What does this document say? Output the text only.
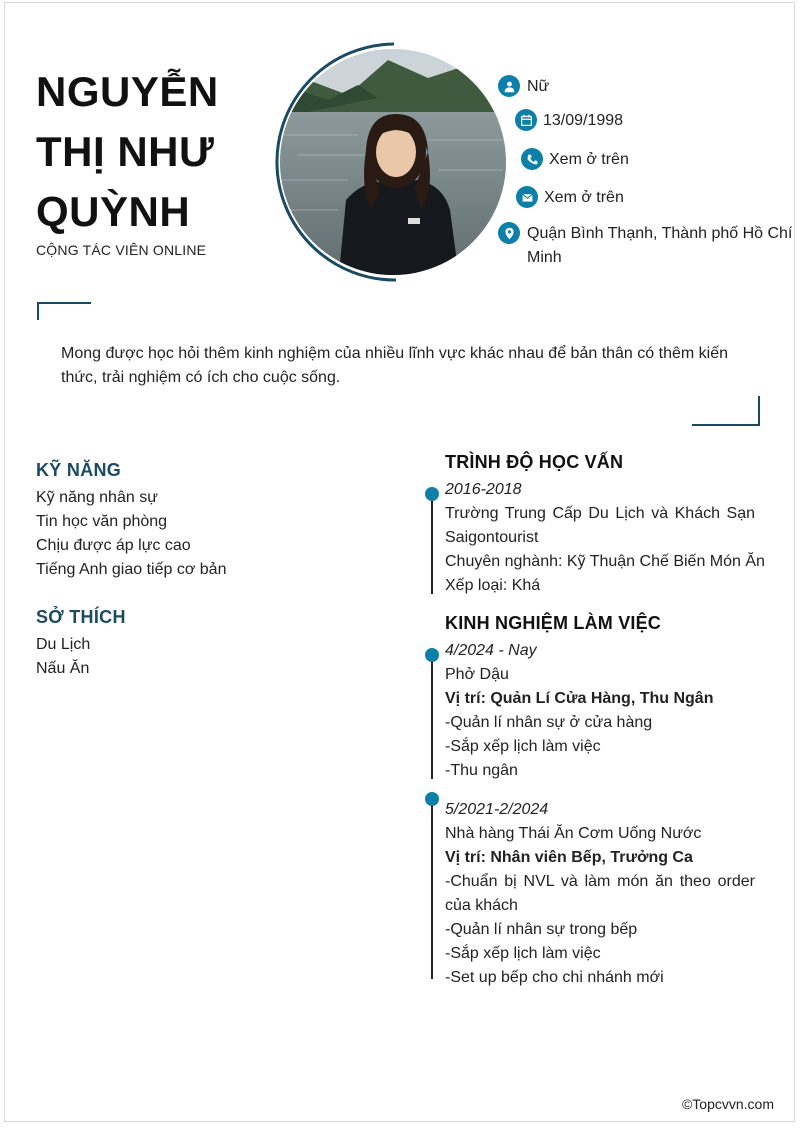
NGUYỄN
THỊ NHƯ
QUỲNH
CỘNG TÁC VIÊN ONLINE
Nữ
13/09/1998
Xem ở trên
Xem ở trên
Quận Bình Thạnh, Thành phố Hồ Chí
Minh
Mong được học hỏi thêm kinh nghiệm của nhiều lĩnh vực khác nhau để bản thân có thêm kiến
thức, trải nghiệm có ích cho cuộc sống.
KỸ NĂNG
Kỹ năng nhân sự
Tin học văn phòng
Chịu được áp lực cao
Tiếng Anh giao tiếp cơ bản
SỞ THÍCH
Du Lịch
Nấu Ăn
TRÌNH ĐỘ HỌC VẤN
2016-2018
Trường Trung Cấp Du Lịch và Khách Sạn
Saigontourist
Chuyên nghành: Kỹ Thuận Chế Biến Món Ăn
Xếp loại: Khá
KINH NGHIỆM LÀM VIỆC
4/2024 - Nay
Phở Dậu
Vị trí: Quản Lí Cửa Hàng, Thu Ngân
-Quản lí nhân sự ở cửa hàng
-Sắp xếp lịch làm việc
-Thu ngân
5/2021-2/2024
Nhà hàng Thái Ăn Cơm Uống Nước
Vị trí: Nhân viên Bếp, Trưởng Ca
-Chuẩn bị NVL và làm món ăn theo order
của khách
-Quản lí nhân sự trong bếp
-Sắp xếp lịch làm việc
-Set up bếp cho chi nhánh mới
©Topcvvn.com
